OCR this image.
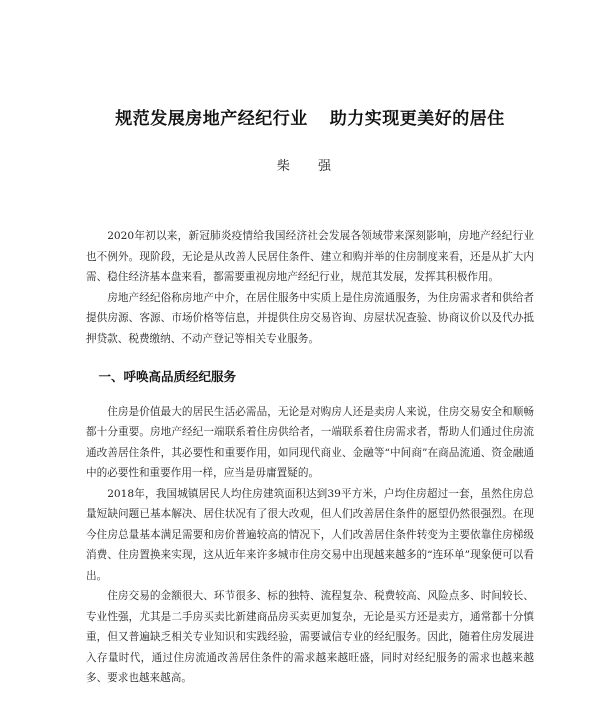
规范发展房地产经纪行业 助力实现更美好的居住
柴 强

2020年初以来，新冠肺炎疫情给我国经济社会发展各领域带来深刻影响，房地产经纪行业也不例外。现阶段，无论是从改善人民居住条件、建立和购并举的住房制度来看，还是从扩大内需、稳住经济基本盘来看，都需要重视房地产经纪行业，规范其发展，发挥其积极作用。

房地产经纪俗称房地产中介，在居住服务中实质上是住房流通服务，为住房需求者和供给者提供房源、客源、市场价格等信息，并提供住房交易咨询、房屋状况查验、协商议价以及代办抵押贷款、税费缴纳、不动产登记等相关专业服务。

一、呼唤高品质经纪服务

住房是价值最大的居民生活必需品，无论是对购房人还是卖房人来说，住房交易安全和顺畅都十分重要。房地产经纪一端联系着住房供给者，一端联系着住房需求者，帮助人们通过住房流通改善居住条件，其必要性和重要作用，如同现代商业、金融等“中间商”在商品流通、资金融通中的必要性和重要作用一样，应当是毋庸置疑的。

2018年，我国城镇居民人均住房建筑面积达到39平方米，户均住房超过一套，虽然住房总量短缺问题已基本解决、居住状况有了很大改观，但人们改善居住条件的愿望仍然很强烈。在现今住房总量基本满足需要和房价普遍较高的情况下，人们改善居住条件转变为主要依靠住房梯级消费、住房置换来实现，这从近年来许多城市住房交易中出现越来越多的“连环单”现象便可以看出。

住房交易的金额很大、环节很多、标的独特、流程复杂、税费较高、风险点多、时间较长、专业性强，尤其是二手房买卖比新建商品房买卖更加复杂，无论是买方还是卖方，通常都十分慎重，但又普遍缺乏相关专业知识和实践经验，需要诚信专业的经纪服务。因此，随着住房发展进入存量时代，通过住房流通改善居住条件的需求越来越旺盛，同时对经纪服务的需求也越来越多、要求也越来越高。
